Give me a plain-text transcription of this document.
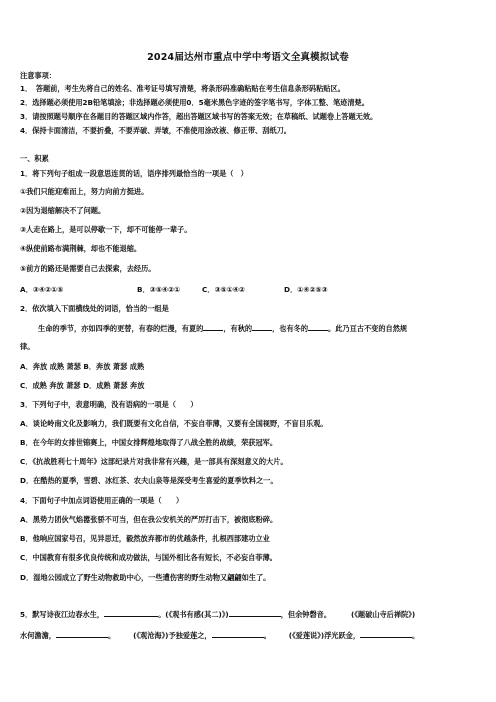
2024届达州市重点中学中考语文全真模拟试卷
注意事项：
1．　答题前，考生先将自己的姓名、准考证号填写清楚，将条形码准确粘贴在考生信息条形码粘贴区。
2．选择题必须使用2B铅笔填涂；非选择题必须使用0．5毫米黑色字迹的签字笔书写，字体工整、笔迹清楚。
3．请按照题号顺序在各题目的答题区域内作答，超出答题区域书写的答案无效；在草稿纸、试题卷上答题无效。
4．保持卡面清洁，不要折叠，不要弄破、弄皱，不准使用涂改液、修正带、刮纸刀。
一、积累
1．将下列句子组成一段意思连贯的话，语序排列最恰当的一项是（　）
①我们只能迎难而上，努力向前方挺进。
②因为退缩解决不了问题。
③人走在路上，是可以停歇一下，却不可能停一辈子。
④纵使前路布满荆棘，却也不能退缩。
⑤前方的路还是需要自己去探索，去经历。
A．③④②①⑤	B．③⑤④②①	C．③⑤①④②	D．①④②⑤③
2．依次填入下面横线处的词语，恰当的一组是
生命的季节，亦如四季的更替，有春的烂漫，有夏的	，有秋的	，也有冬的	。此乃亘古不变的自然规
律。
A．奔放 成熟 萧瑟 B．奔放 萧瑟 成熟
C．成熟 奔放 萧瑟 D．成熟 萧瑟 奔放
3．下列句子中，表意明确，没有语病的一项是（　　）
A．谈论岭南文化及影响力，我们既要有文化自信，不妄自菲薄，又要有全国视野，不盲目乐观。
B．在今年的女排世锦赛上，中国女排辉煌地取得了八战全胜的战绩，荣获冠军。
C．《抗战胜利七十周年》这部纪录片对我非常有兴趣，是一部具有深刻意义的大片。
D．在酷热的夏季，雪碧、冰红茶、农夫山泉等是深受考生喜爱的夏季饮料之一。
4．下面句子中加点词语使用正确的一项是（　　）
A．黑势力团伙气焰嚣张骄不可当，但在我公安机关的严厉打击下，被彻底粉碎。
B．他响应国家号召，见异思迁，毅然放弃都市的优越条件，扎根西部建功立业
C．中国教育有很多优良传统和成功做法，与国外相比各有短长，不必妄自菲薄。
D．湿地公园成立了野生动物救助中心，一些遭伤害的野生动物又翩翩如生了。
5．默写诗夜江边春水生，	。(《观书有感(其二)》)	，但余钟磬音。	(《题破山寺后禅院》)
水何澹澹，	。	(《观沧海》)予独爱莲之，	。	(《爱莲说》)浮光跃金，	。
